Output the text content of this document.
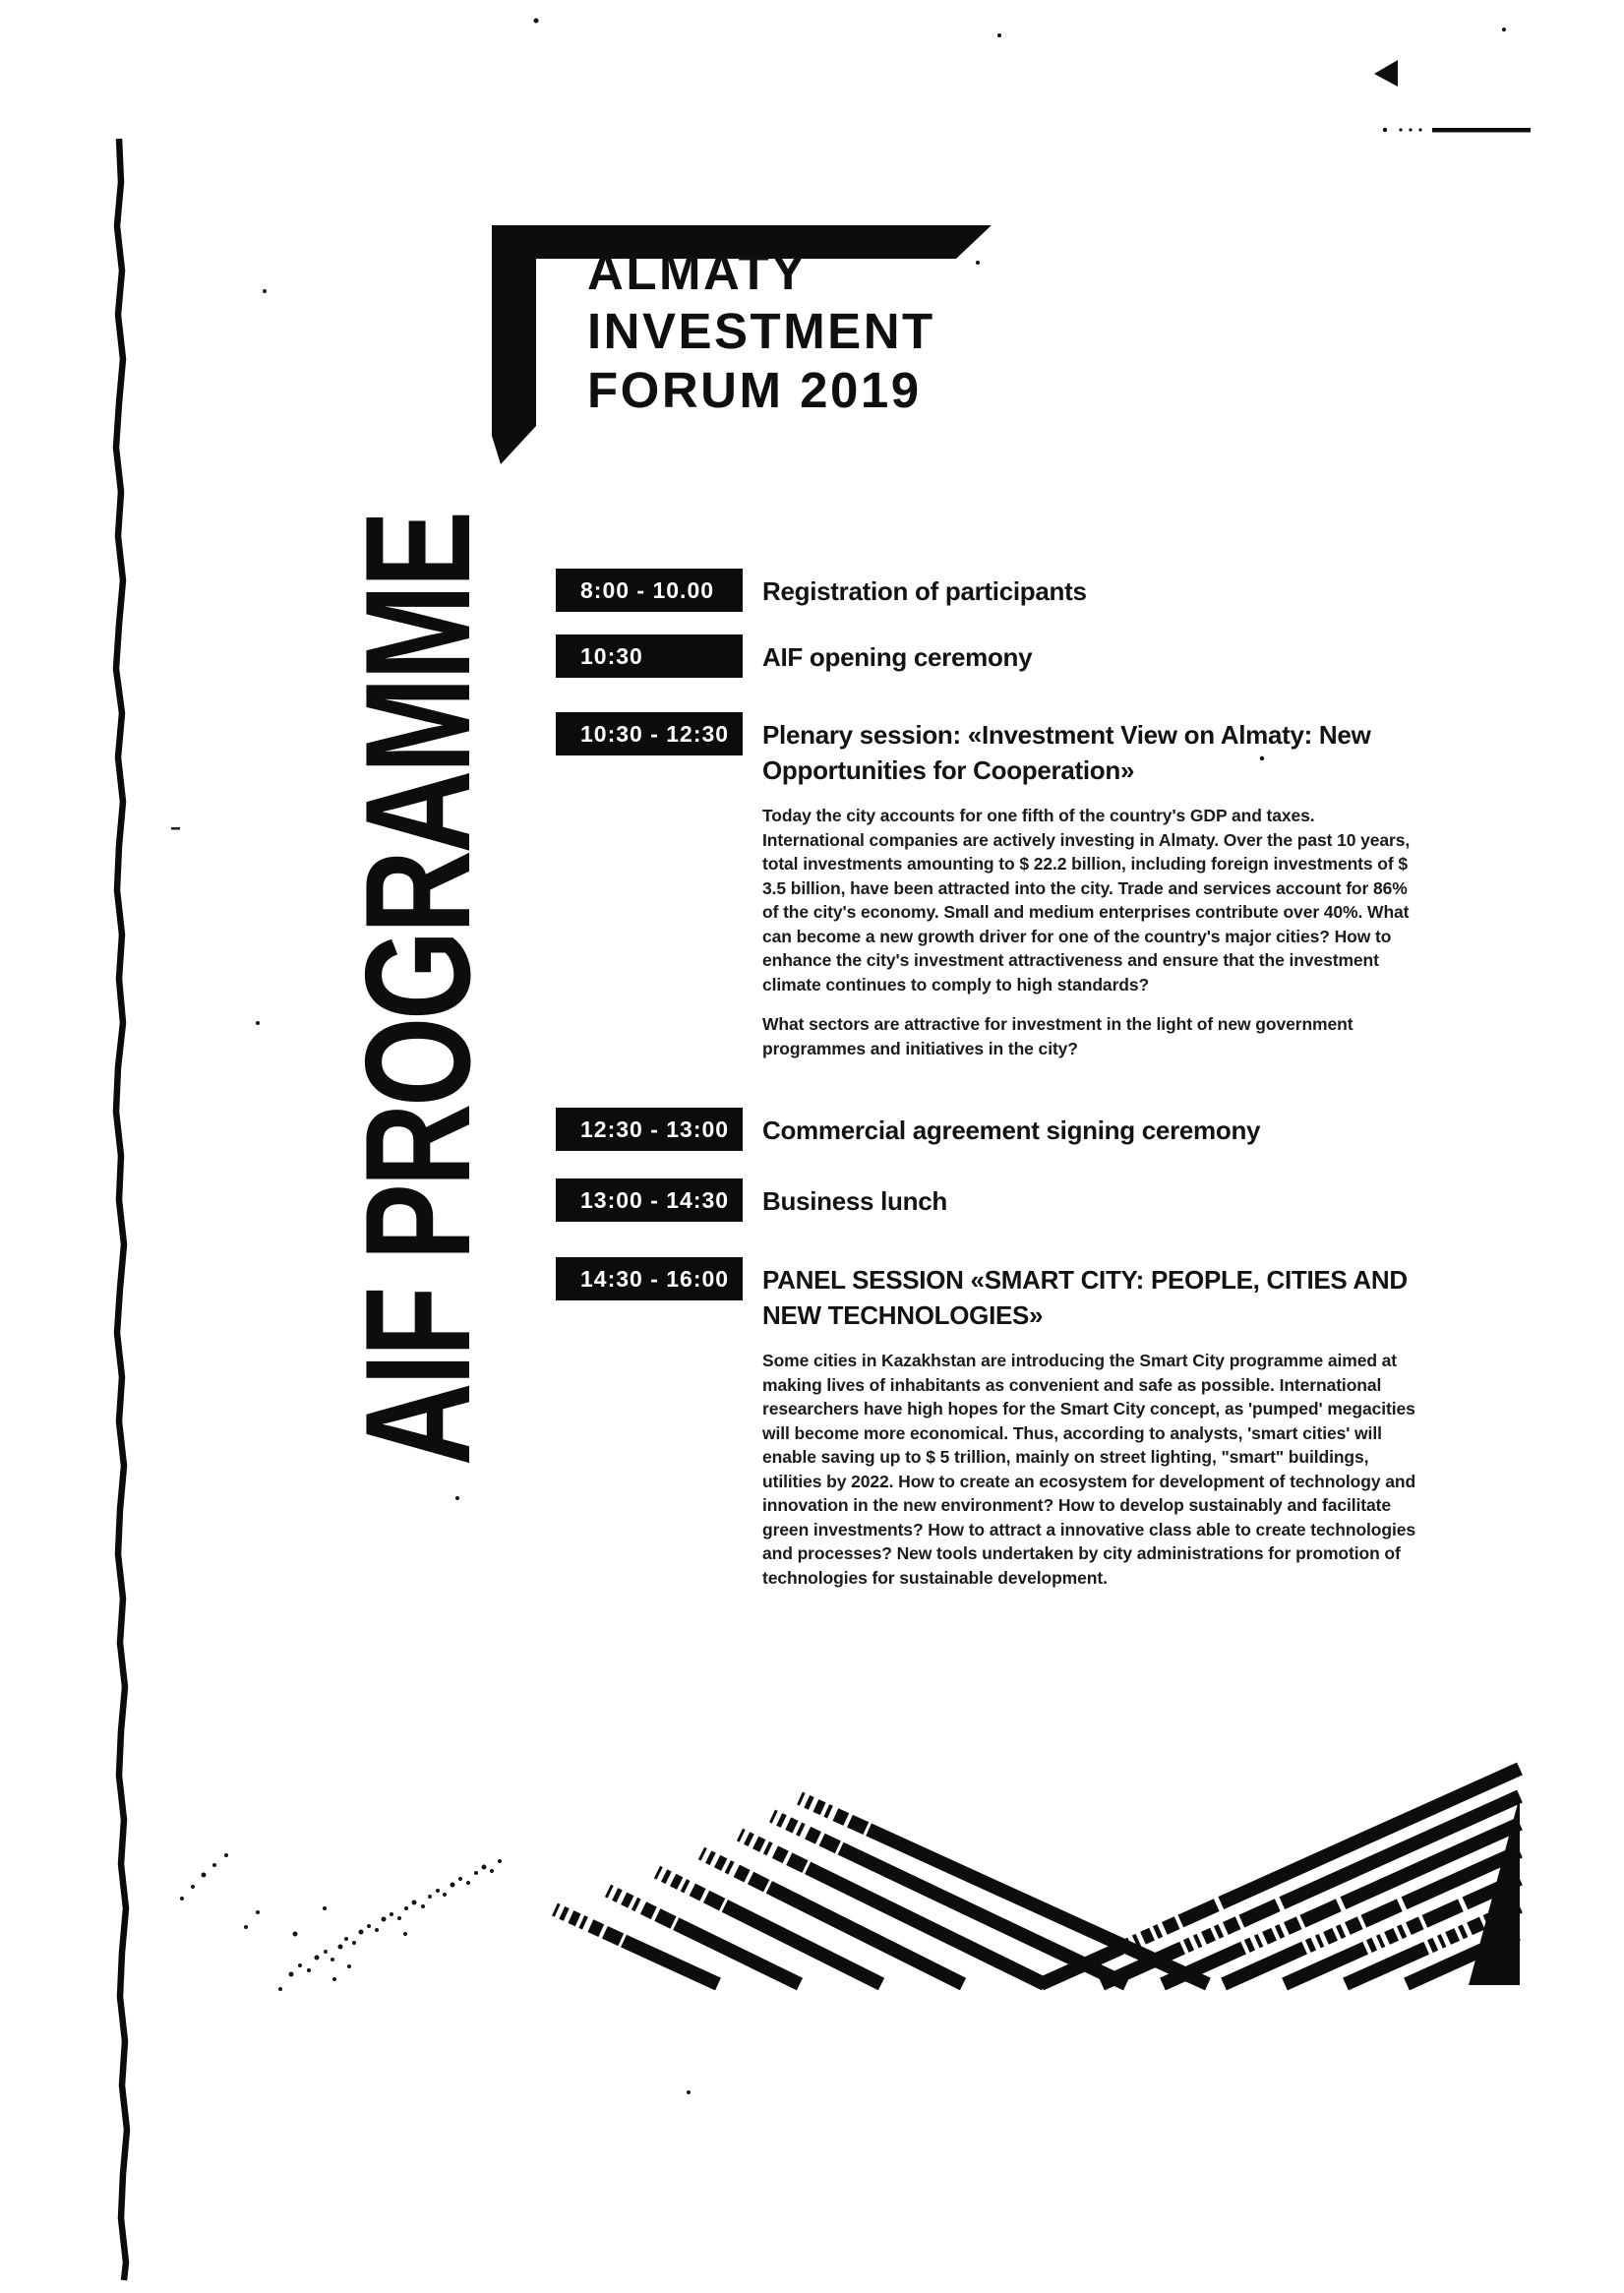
ALMATY
INVESTMENT
FORUM 2019
AIF PROGRAMME	8:00 - 10.00	Registration of participants
10:30	AIF opening ceremony
10:30 - 12:30	Plenary session: «Investment View on Almaty: New Opportunities for Cooperation»

Today the city accounts for one fifth of the country's GDP and taxes. International companies are actively investing in Almaty. Over the past 10 years, total investments amounting to $ 22.2 billion, including foreign investments of $ 3.5 billion, have been attracted into the city. Trade and services account for 86% of the city's economy. Small and medium enterprises contribute over 40%. What can become a new growth driver for one of the country's major cities? How to enhance the city's investment attractiveness and ensure that the investment climate continues to comply to high standards?

What sectors are attractive for investment in the light of new government programmes and initiatives in the city?

12:30 - 13:00	Commercial agreement signing ceremony
13:00 - 14:30	Business lunch
14:30 - 16:00	PANEL SESSION «SMART CITY: PEOPLE, CITIES AND NEW TECHNOLOGIES»

Some cities in Kazakhstan are introducing the Smart City programme aimed at making lives of inhabitants as convenient and safe as possible. International researchers have high hopes for the Smart City concept, as 'pumped' megacities will become more economical. Thus, according to analysts, 'smart cities' will enable saving up to $ 5 trillion, mainly on street lighting, "smart" buildings, utilities by 2022. How to create an ecosystem for development of technology and innovation in the new environment? How to develop sustainably and facilitate green investments? How to attract a innovative class able to create technologies and processes? New tools undertaken by city administrations for promotion of technologies for sustainable development.
